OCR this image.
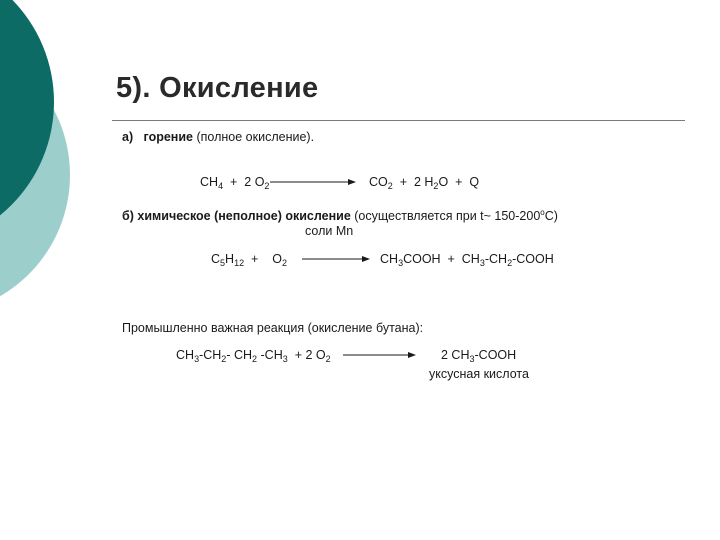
5). Окисление
а) горение (полное окисление).
$CH_4 + 2$ $O_2$	$CO_2 + 2$ $H_2O + Q$
б) химическое (неполное) окисление (осуществляется при t~ 150-200$^o$C)
соли Mn
$C_5H_{12}$  +    $O_2$	$CH_3COOH$  +  $CH_3-CH_2$-COOH
Промышленно важная реакция (окисление бутана):
$CH_3-CH_2-$ $CH_2$ $-CH_3 + 2$ $O_2$	2 $CH_3$-COOH
уксусная кислота
